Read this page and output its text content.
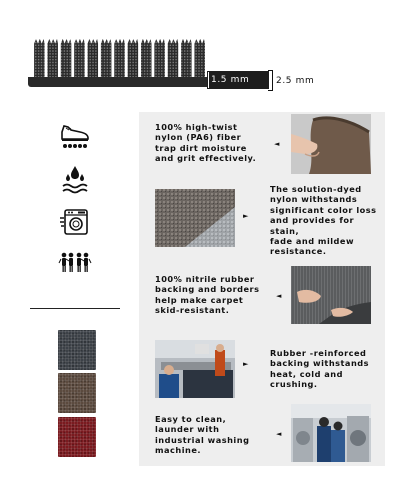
1.5 mm	2.5 mm
100% high-twist
nylon (PA6) fiber
trap dirt moisture
and grit effectively.
◄
►
The solution-dyed
nylon withstands
significant color loss
and provides for stain,
fade and mildew
resistance.
100% nitrile rubber
backing and borders
help make carpet
skid-resistant.
◄
►
Rubber -reinforced
backing withstands
heat, cold and
crushing.
Easy to clean,
launder with
industrial washing
machine.
◄
